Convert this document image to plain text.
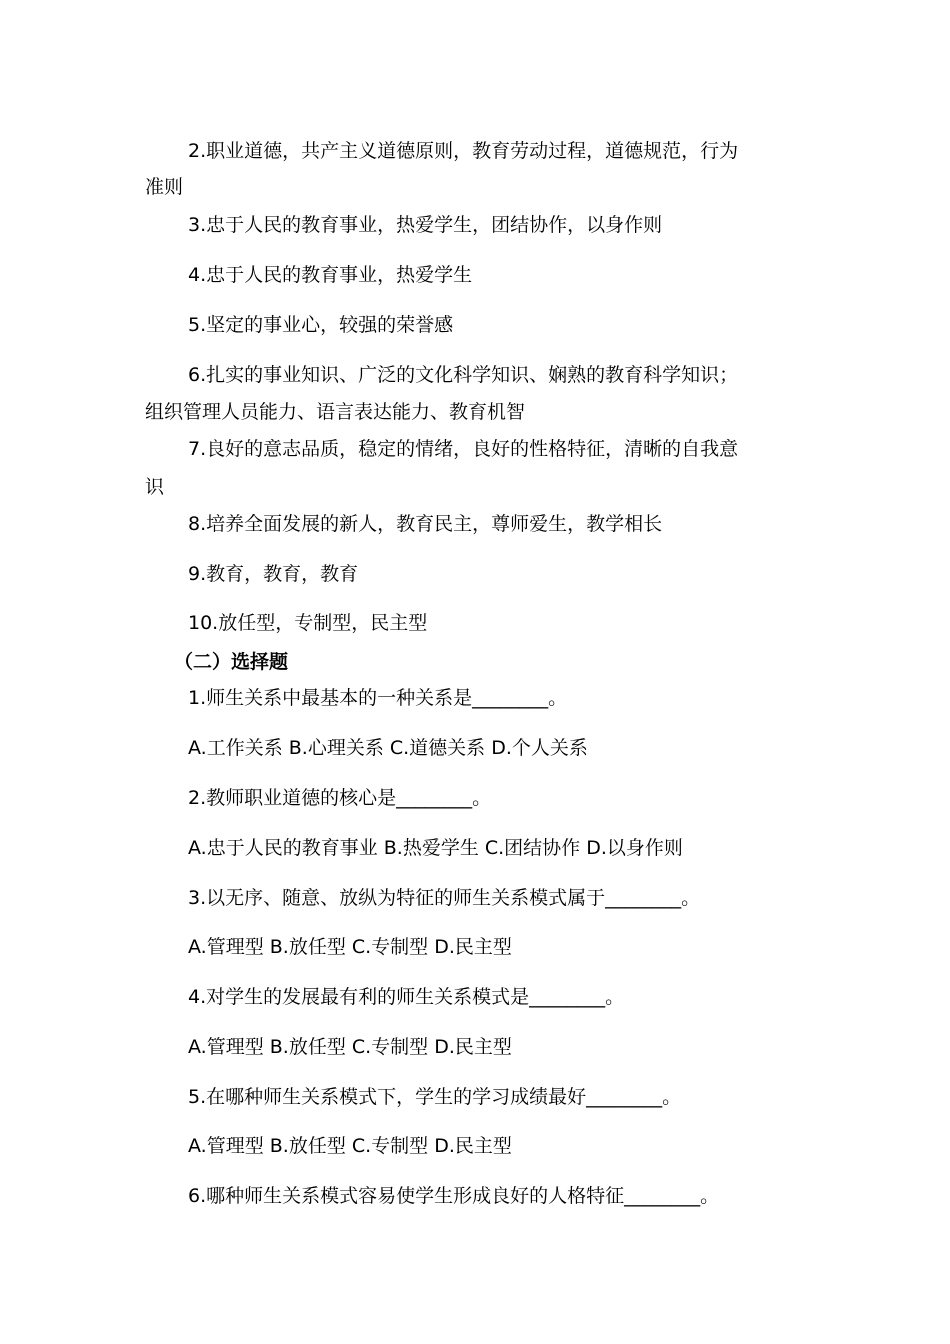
2.职业道德，共产主义道德原则，教育劳动过程，道德规范，行为
准则
3.忠于人民的教育事业，热爱学生，团结协作，以身作则
4.忠于人民的教育事业，热爱学生
5.坚定的事业心，较强的荣誉感
6.扎实的事业知识、广泛的文化科学知识、娴熟的教育科学知识；
组织管理人员能力、语言表达能力、教育机智
7.良好的意志品质，稳定的情绪，良好的性格特征，清晰的自我意
识
8.培养全面发展的新人，教育民主，尊师爱生，教学相长
9.教育，教育，教育
10.放任型，专制型，民主型
（二）选择题
1.师生关系中最基本的一种关系是________。
A.工作关系 B.心理关系 C.道德关系 D.个人关系
2.教师职业道德的核心是________。
A.忠于人民的教育事业 B.热爱学生 C.团结协作 D.以身作则
3.以无序、随意、放纵为特征的师生关系模式属于________。
A.管理型 B.放任型 C.专制型 D.民主型
4.对学生的发展最有利的师生关系模式是________。
A.管理型 B.放任型 C.专制型 D.民主型
5.在哪种师生关系模式下，学生的学习成绩最好________。
A.管理型 B.放任型 C.专制型 D.民主型
6.哪种师生关系模式容易使学生形成良好的人格特征________。
